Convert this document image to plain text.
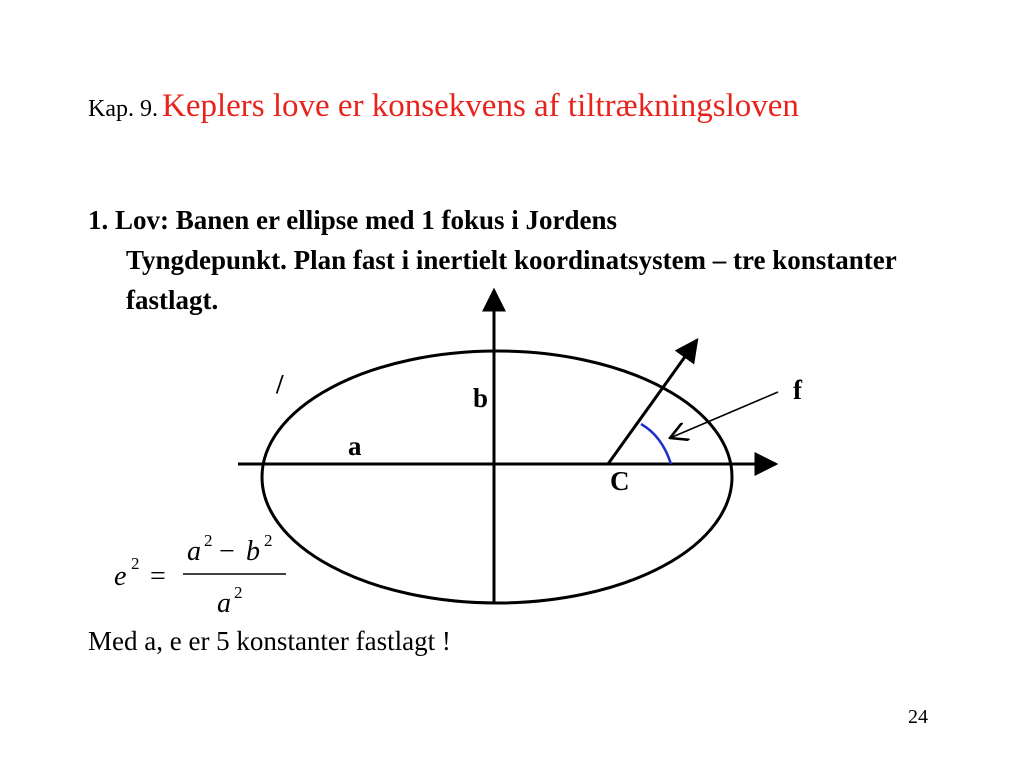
Kap. 9. Keplers love er konsekvens af tiltrækningsloven
1. Lov: Banen er ellipse med 1 fokus i Jordens
Tyngdepunkt. Plan fast i inertielt koordinatsystem – tre konstanter fastlagt.
/	b
a
f
C
e 2 =
a 2 − b 2
a 2
Med a, e er 5 konstanter fastlagt !
24
